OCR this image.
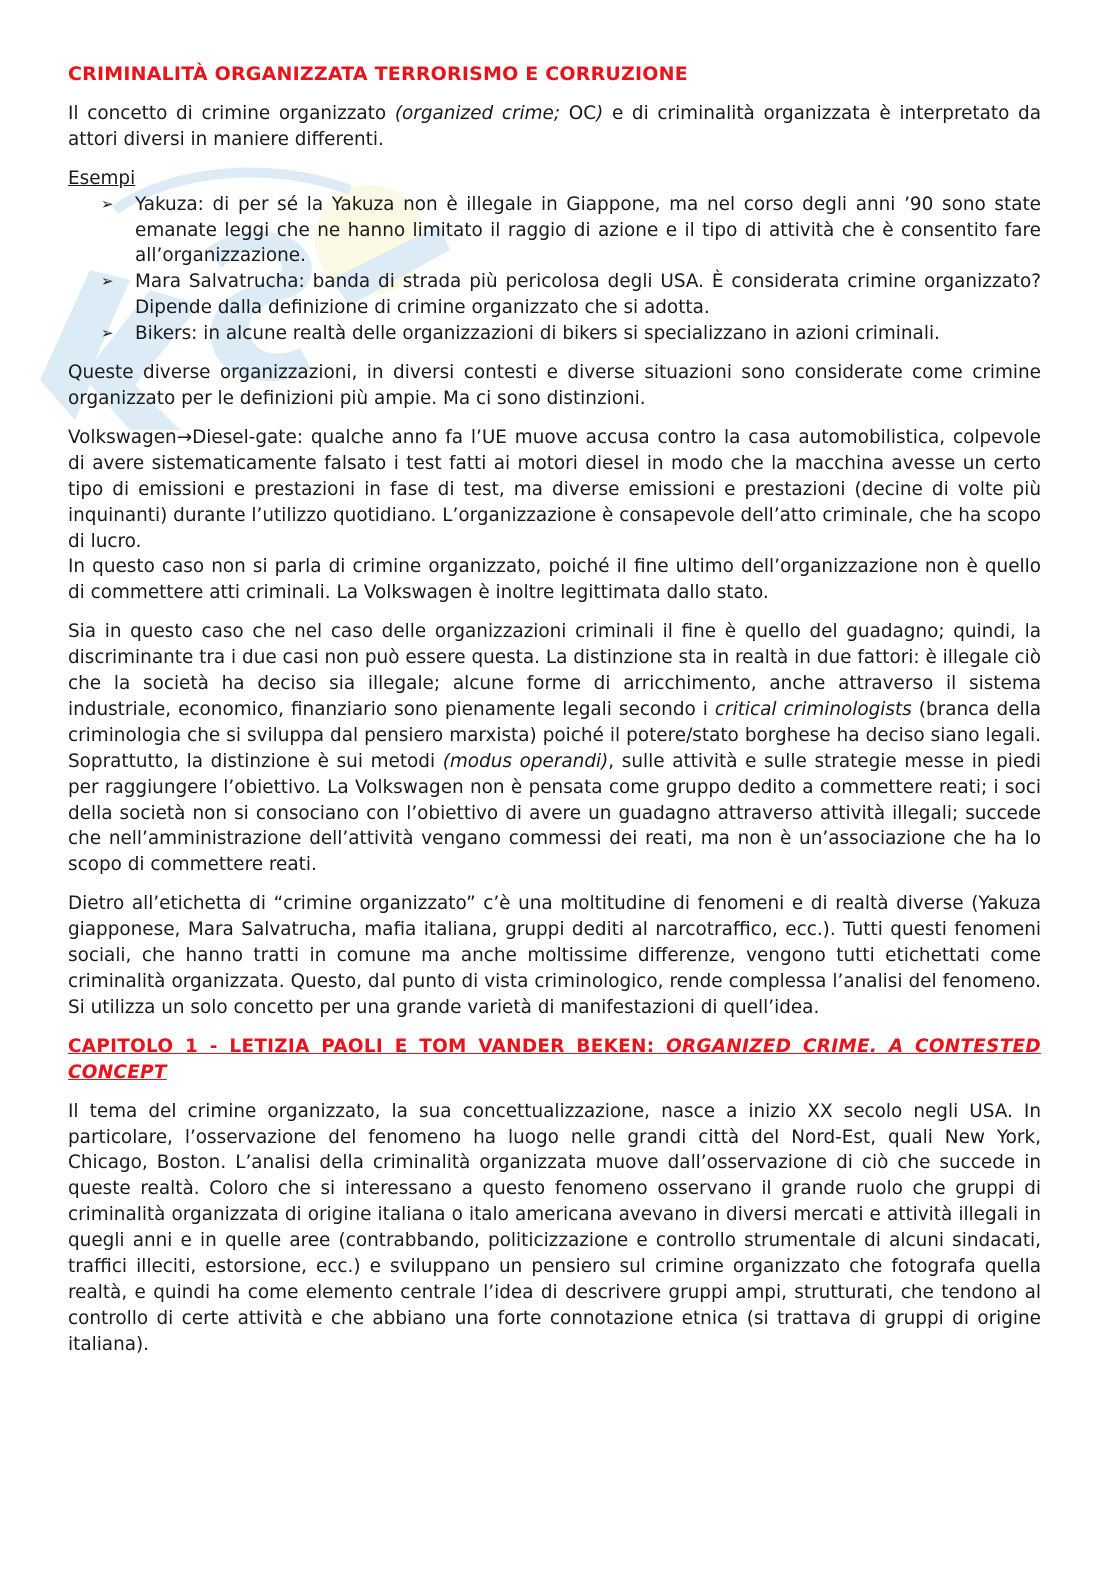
CRIMINALITÀ ORGANIZZATA TERRORISMO E CORRUZIONE

Il concetto di crimine organizzato (organized crime; OC) e di criminalità organizzata è interpretato da attori diversi in maniere differenti.

Esempi

➢ Yakuza: di per sé la Yakuza non è illegale in Giappone, ma nel corso degli anni ’90 sono state emanate leggi che ne hanno limitato il raggio di azione e il tipo di attività che è consentito fare all’organizzazione.
➢ Mara Salvatrucha: banda di strada più pericolosa degli USA. È considerata crimine organizzato? Dipende dalla definizione di crimine organizzato che si adotta.
➢ Bikers: in alcune realtà delle organizzazioni di bikers si specializzano in azioni criminali.

Queste diverse organizzazioni, in diversi contesti e diverse situazioni sono considerate come crimine organizzato per le definizioni più ampie. Ma ci sono distinzioni.

Volkswagen→Diesel-gate: qualche anno fa l’UE muove accusa contro la casa automobilistica, colpevole di avere sistematicamente falsato i test fatti ai motori diesel in modo che la macchina avesse un certo tipo di emissioni e prestazioni in fase di test, ma diverse emissioni e prestazioni (decine di volte più inquinanti) durante l’utilizzo quotidiano. L’organizzazione è consapevole dell’atto criminale, che ha scopo di lucro.

In questo caso non si parla di crimine organizzato, poiché il fine ultimo dell’organizzazione non è quello di commettere atti criminali. La Volkswagen è inoltre legittimata dallo stato.

Sia in questo caso che nel caso delle organizzazioni criminali il fine è quello del guadagno; quindi, la discriminante tra i due casi non può essere questa. La distinzione sta in realtà in due fattori: è illegale ciò che la società ha deciso sia illegale; alcune forme di arricchimento, anche attraverso il sistema industriale, economico, finanziario sono pienamente legali secondo i critical criminologists (branca della criminologia che si sviluppa dal pensiero marxista) poiché il potere/stato borghese ha deciso siano legali. Soprattutto, la distinzione è sui metodi (modus operandi), sulle attività e sulle strategie messe in piedi per raggiungere l’obiettivo. La Volkswagen non è pensata come gruppo dedito a commettere reati; i soci della società non si consociano con l’obiettivo di avere un guadagno attraverso attività illegali; succede che nell’amministrazione dell’attività vengano commessi dei reati, ma non è un’associazione che ha lo scopo di commettere reati.

Dietro all’etichetta di “crimine organizzato” c’è una moltitudine di fenomeni e di realtà diverse (Yakuza giapponese, Mara Salvatrucha, mafia italiana, gruppi dediti al narcotraffico, ecc.). Tutti questi fenomeni sociali, che hanno tratti in comune ma anche moltissime differenze, vengono tutti etichettati come criminalità organizzata. Questo, dal punto di vista criminologico, rende complessa l’analisi del fenomeno. Si utilizza un solo concetto per una grande varietà di manifestazioni di quell’idea.

CAPITOLO 1 - LETIZIA PAOLI E TOM VANDER BEKEN: ORGANIZED CRIME. A CONTESTED CONCEPT

Il tema del crimine organizzato, la sua concettualizzazione, nasce a inizio XX secolo negli USA. In particolare, l’osservazione del fenomeno ha luogo nelle grandi città del Nord-Est, quali New York, Chicago, Boston. L’analisi della criminalità organizzata muove dall’osservazione di ciò che succede in queste realtà. Coloro che si interessano a questo fenomeno osservano il grande ruolo che gruppi di criminalità organizzata di origine italiana o italo americana avevano in diversi mercati e attività illegali in quegli anni e in quelle aree (contrabbando, politicizzazione e controllo strumentale di alcuni sindacati, traffici illeciti, estorsione, ecc.) e sviluppano un pensiero sul crimine organizzato che fotografa quella realtà, e quindi ha come elemento centrale l’idea di descrivere gruppi ampi, strutturati, che tendono al controllo di certe attività e che abbiano una forte connotazione etnica (si trattava di gruppi di origine italiana).
